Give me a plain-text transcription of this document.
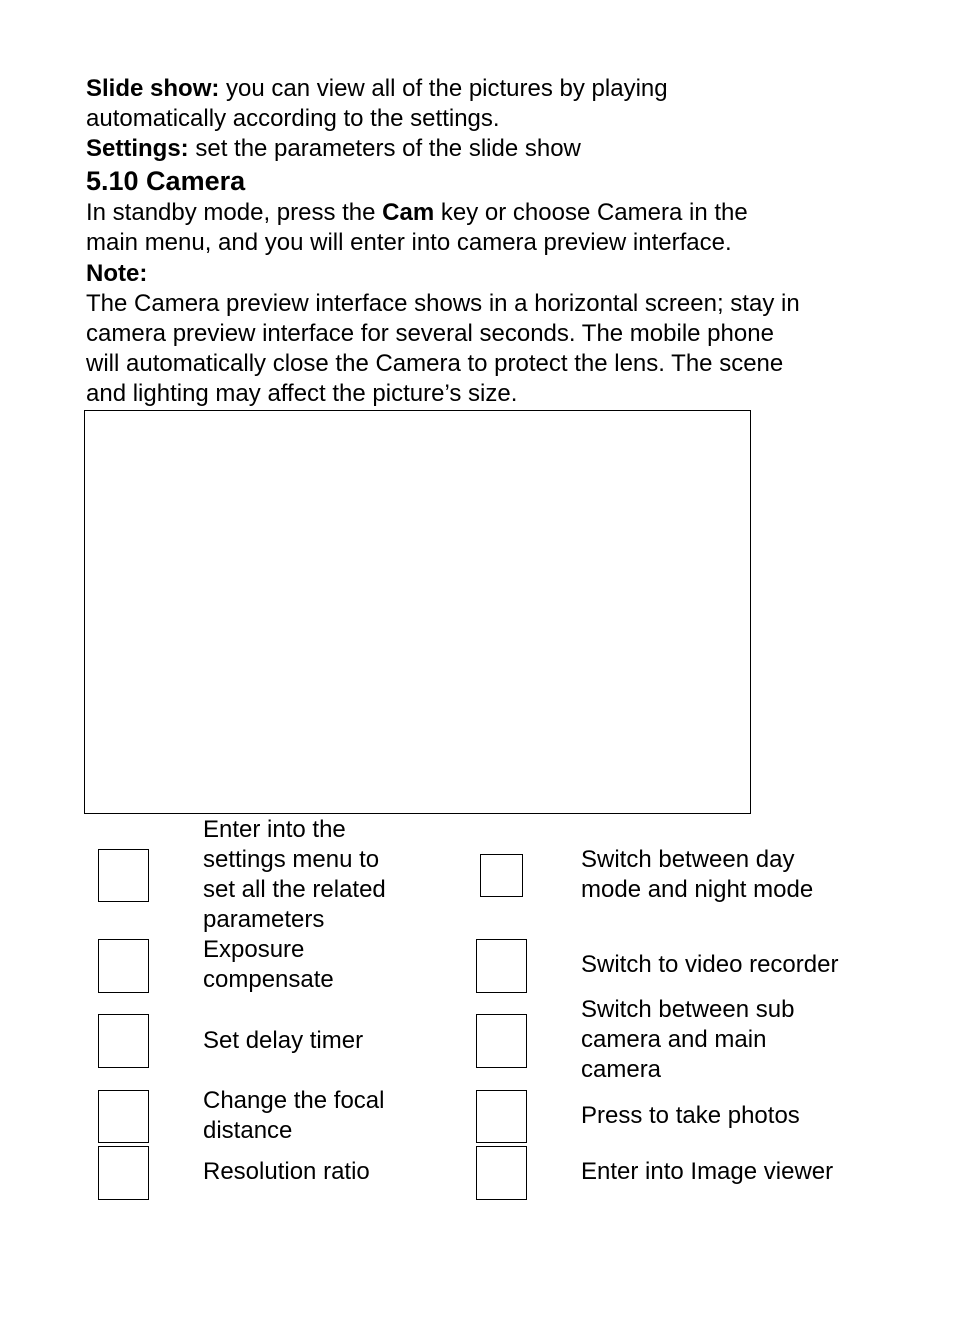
Slide show: you can view all of the pictures by playing
automatically according to the settings.
Settings: set the parameters of the slide show
5.10 Camera
In standby mode, press the Cam key or choose Camera in the
main menu, and you will enter into camera preview interface.
Note:
The Camera preview interface shows in a horizontal screen; stay in
camera preview interface for several seconds. The mobile phone
will automatically close the Camera to protect the lens. The scene
and lighting may affect the picture’s size.
Enter into the
settings menu to
set all the related
parameters
Exposure
compensate
Set delay timer
Change the focal
distance
Resolution ratio
Switch between day
mode and night mode
Switch to video recorder
Switch between sub
camera and main
camera
Press to take photos
Enter into Image viewer
